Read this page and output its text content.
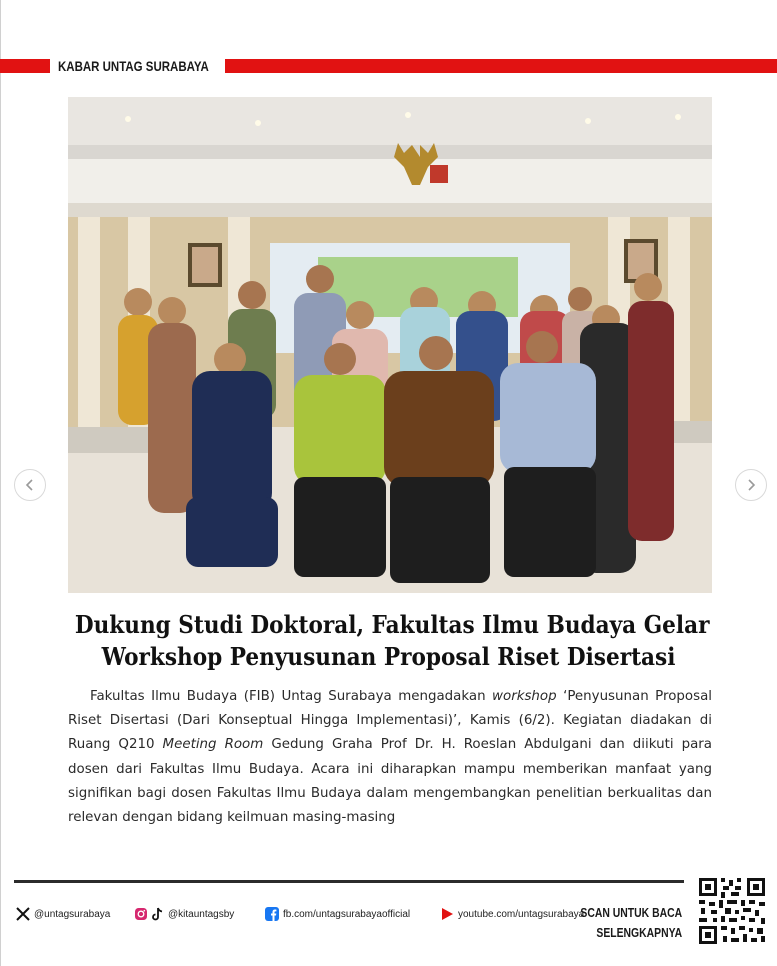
KABAR UNTAG SURABAYA
Dukung Studi Doktoral, Fakultas Ilmu Budaya Gelar
Workshop Penyusunan Proposal Riset Disertasi
Fakultas Ilmu Budaya (FIB) Untag Surabaya mengadakan workshop ‘Penyusunan Proposal
Riset Disertasi (Dari Konseptual Hingga Implementasi)’, Kamis (6/2). Kegiatan diadakan di
Ruang Q210 Meeting Room Gedung Graha Prof Dr. H. Roeslan Abdulgani dan diikuti para
dosen dari Fakultas Ilmu Budaya. Acara ini diharapkan mampu memberikan manfaat yang
signifikan bagi dosen Fakultas Ilmu Budaya dalam mengembangkan penelitian berkualitas dan
relevan dengan bidang keilmuan masing-masing
@untagsurabaya	@kitauntagsby	fb.com/untagsurabayaofficial	youtube.com/untagsurabaya
SCAN UNTUK BACA
SELENGKAPNYA
